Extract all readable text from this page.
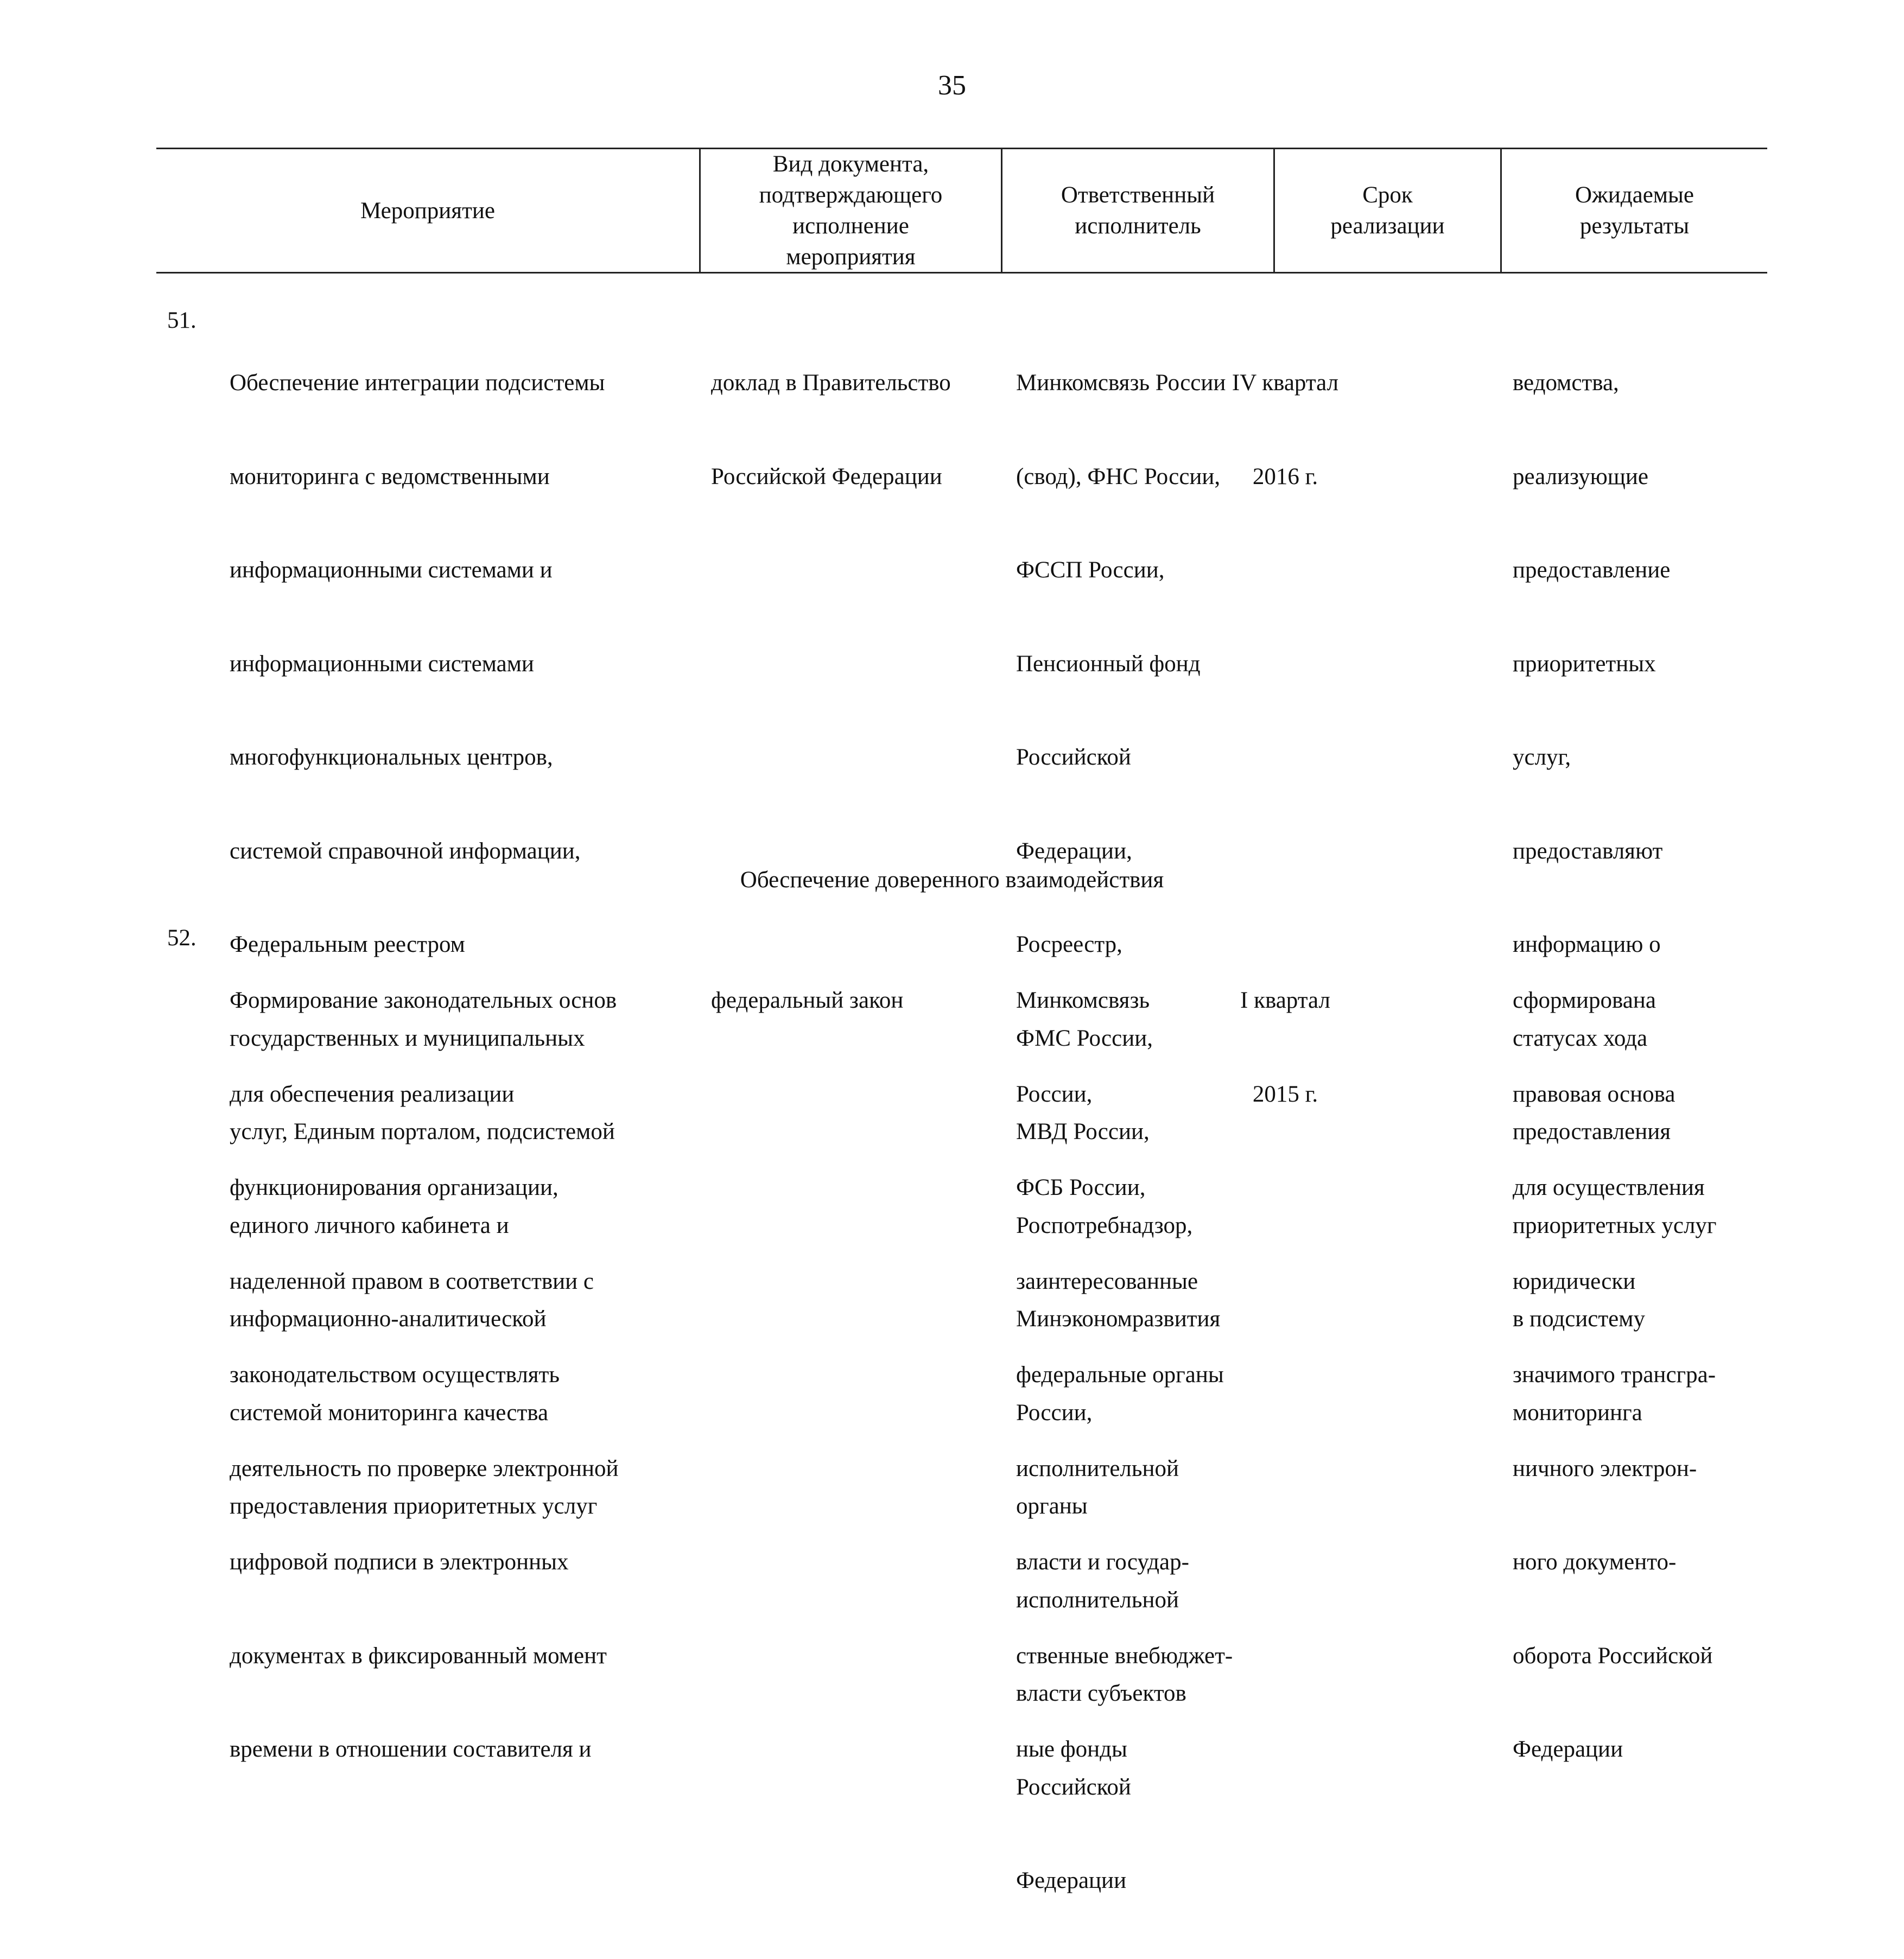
35
Мероприятие
Вид документа,
подтверждающего
исполнение
мероприятия
Ответственный
исполнитель
Срок
реализации
Ожидаемые
результаты
51.

Обеспечение интеграции подсистемы

мониторинга с ведомственными

информационными системами и

информационными системами

многофункциональных центров,

системой справочной информации,

Федеральным реестром

государственных и муниципальных

услуг, Единым порталом, подсистемой

единого личного кабинета и

информационно-аналитической

системой мониторинга качества

предоставления приоритетных услуг

доклад в Правительство

Российской Федерации

Минкомсвязь России

(свод), ФНС России,

ФССП России,

Пенсионный фонд

Российской

Федерации,

Росреестр,

ФМС России,

МВД России,

Роспотребнадзор,

Минэкономразвития

России,

органы

исполнительной

власти субъектов

Российской

Федерации

IV квартал

2016 г.

ведомства,

реализующие

предоставление

приоритетных

услуг,

предоставляют

информацию о

статусах хода

предоставления

приоритетных услуг

в подсистему

мониторинга

Обеспечение доверенного взаимодействия
52.

Формирование законодательных основ

для обеспечения реализации

функционирования организации,

наделенной правом в соответствии с

законодательством осуществлять

деятельность по проверке электронной

цифровой подписи в электронных

документах в фиксированный момент

времени в отношении составителя и

федеральный закон

	Минкомсвязь

России,

ФСБ России,

заинтересованные

федеральные органы

исполнительной

власти и государ-

ственные внебюджет-

ные фонды

I квартал

2015 г.

сформирована

правовая основа

для осуществления

юридически

значимого трансгра-

ничного электрон-

ного документо-

оборота Российской

Федерации
